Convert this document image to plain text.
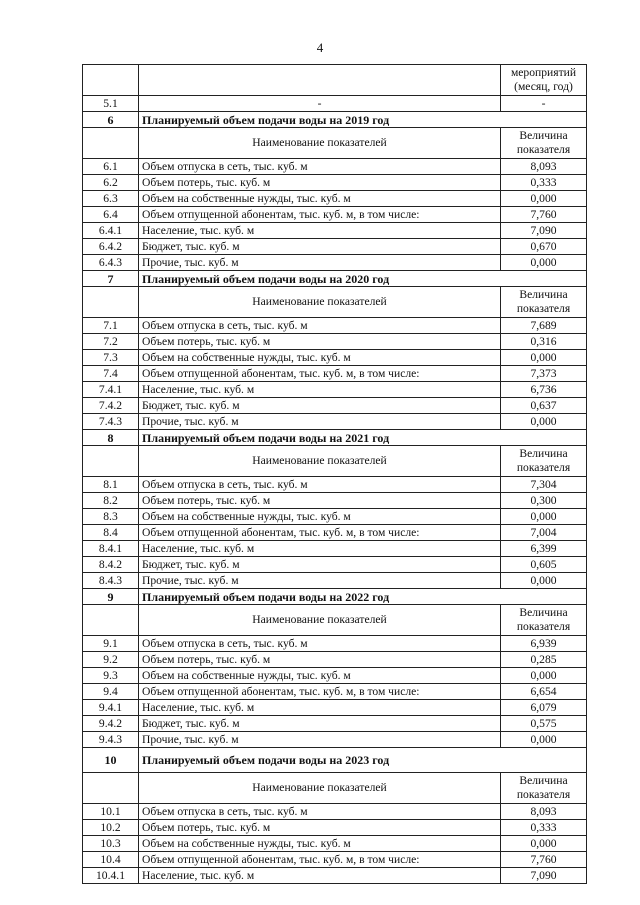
4
		мероприятий (месяц, год)
5.1	-	-
6	Планируемый объем подачи воды на 2019 год	
	Наименование показателей	Величина показателя
6.1	Объем отпуска в сеть, тыс. куб. м	8,093
6.2	Объем потерь, тыс. куб. м	0,333
6.3	Объем на собственные нужды, тыс. куб. м	0,000
6.4	Объем отпущенной абонентам, тыс. куб. м, в том числе:	7,760
6.4.1	Население, тыс. куб. м	7,090
6.4.2	Бюджет, тыс. куб. м	0,670
6.4.3	Прочие, тыс. куб. м	0,000
7	Планируемый объем подачи воды на 2020 год	
	Наименование показателей	Величина показателя
7.1	Объем отпуска в сеть, тыс. куб. м	7,689
7.2	Объем потерь, тыс. куб. м	0,316
7.3	Объем на собственные нужды, тыс. куб. м	0,000
7.4	Объем отпущенной абонентам, тыс. куб. м, в том числе:	7,373
7.4.1	Население, тыс. куб. м	6,736
7.4.2	Бюджет, тыс. куб. м	0,637
7.4.3	Прочие, тыс. куб. м	0,000
8	Планируемый объем подачи воды на 2021 год	
	Наименование показателей	Величина показателя
8.1	Объем отпуска в сеть, тыс. куб. м	7,304
8.2	Объем потерь, тыс. куб. м	0,300
8.3	Объем на собственные нужды, тыс. куб. м	0,000
8.4	Объем отпущенной абонентам, тыс. куб. м, в том числе:	7,004
8.4.1	Население, тыс. куб. м	6,399
8.4.2	Бюджет, тыс. куб. м	0,605
8.4.3	Прочие, тыс. куб. м	0,000
9	Планируемый объем подачи воды на 2022 год	
	Наименование показателей	Величина показателя
9.1	Объем отпуска в сеть, тыс. куб. м	6,939
9.2	Объем потерь, тыс. куб. м	0,285
9.3	Объем на собственные нужды, тыс. куб. м	0,000
9.4	Объем отпущенной абонентам, тыс. куб. м, в том числе:	6,654
9.4.1	Население, тыс. куб. м	6,079
9.4.2	Бюджет, тыс. куб. м	0,575
9.4.3	Прочие, тыс. куб. м	0,000
10	Планируемый объем подачи воды на 2023 год	
	Наименование показателей	Величина показателя
10.1	Объем отпуска в сеть, тыс. куб. м	8,093
10.2	Объем потерь, тыс. куб. м	0,333
10.3	Объем на собственные нужды, тыс. куб. м	0,000
10.4	Объем отпущенной абонентам, тыс. куб. м, в том числе:	7,760
10.4.1	Население, тыс. куб. м	7,090
